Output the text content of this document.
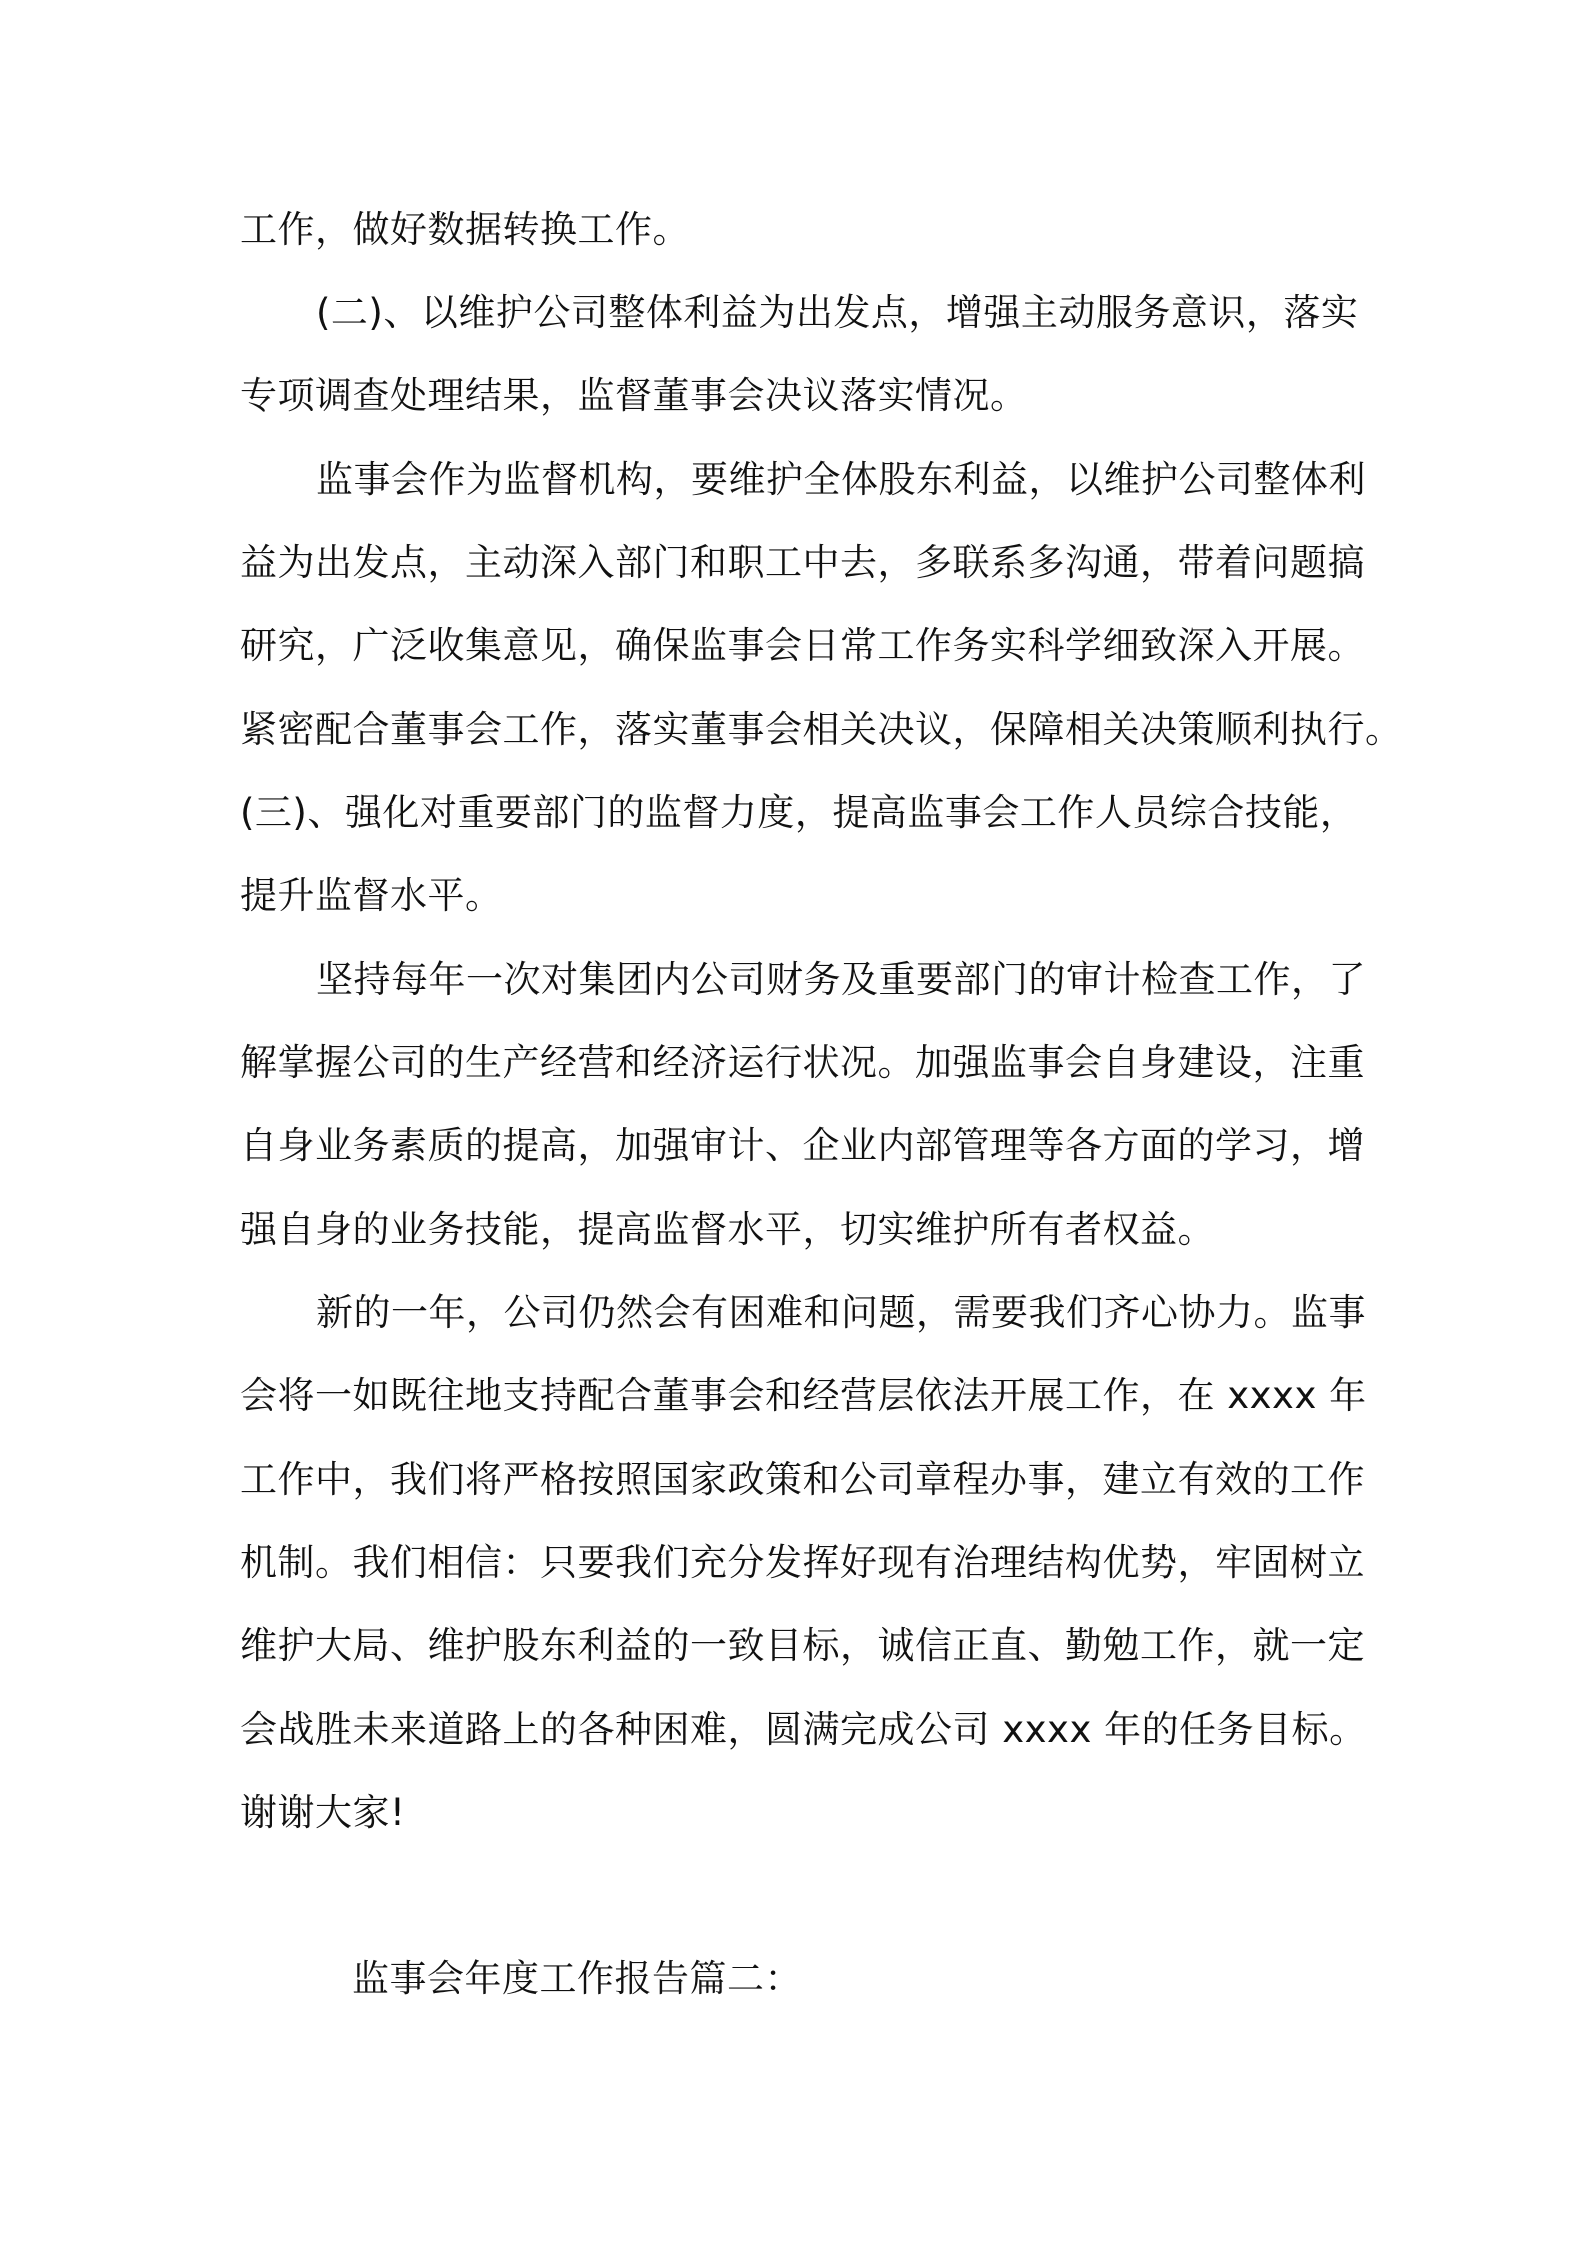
工作，做好数据转换工作。

(二)、以维护公司整体利益为出发点，增强主动服务意识，落实

专项调查处理结果，监督董事会决议落实情况。

监事会作为监督机构，要维护全体股东利益，以维护公司整体利

益为出发点，主动深入部门和职工中去，多联系多沟通，带着问题搞

研究，广泛收集意见，确保监事会日常工作务实科学细致深入开展。

紧密配合董事会工作，落实董事会相关决议，保障相关决策顺利执行。

(三)、强化对重要部门的监督力度，提高监事会工作人员综合技能，

提升监督水平。

坚持每年一次对集团内公司财务及重要部门的审计检查工作，了

解掌握公司的生产经营和经济运行状况。加强监事会自身建设，注重

自身业务素质的提高，加强审计、企业内部管理等各方面的学习，增

强自身的业务技能，提高监督水平，切实维护所有者权益。

新的一年，公司仍然会有困难和问题，需要我们齐心协力。监事

会将一如既往地支持配合董事会和经营层依法开展工作，在 xxxx 年

工作中，我们将严格按照国家政策和公司章程办事，建立有效的工作

机制。我们相信：只要我们充分发挥好现有治理结构优势，牢固树立

维护大局、维护股东利益的一致目标，诚信正直、勤勉工作，就一定

会战胜未来道路上的各种困难，圆满完成公司 xxxx 年的任务目标。

谢谢大家!

监事会年度工作报告篇二：
